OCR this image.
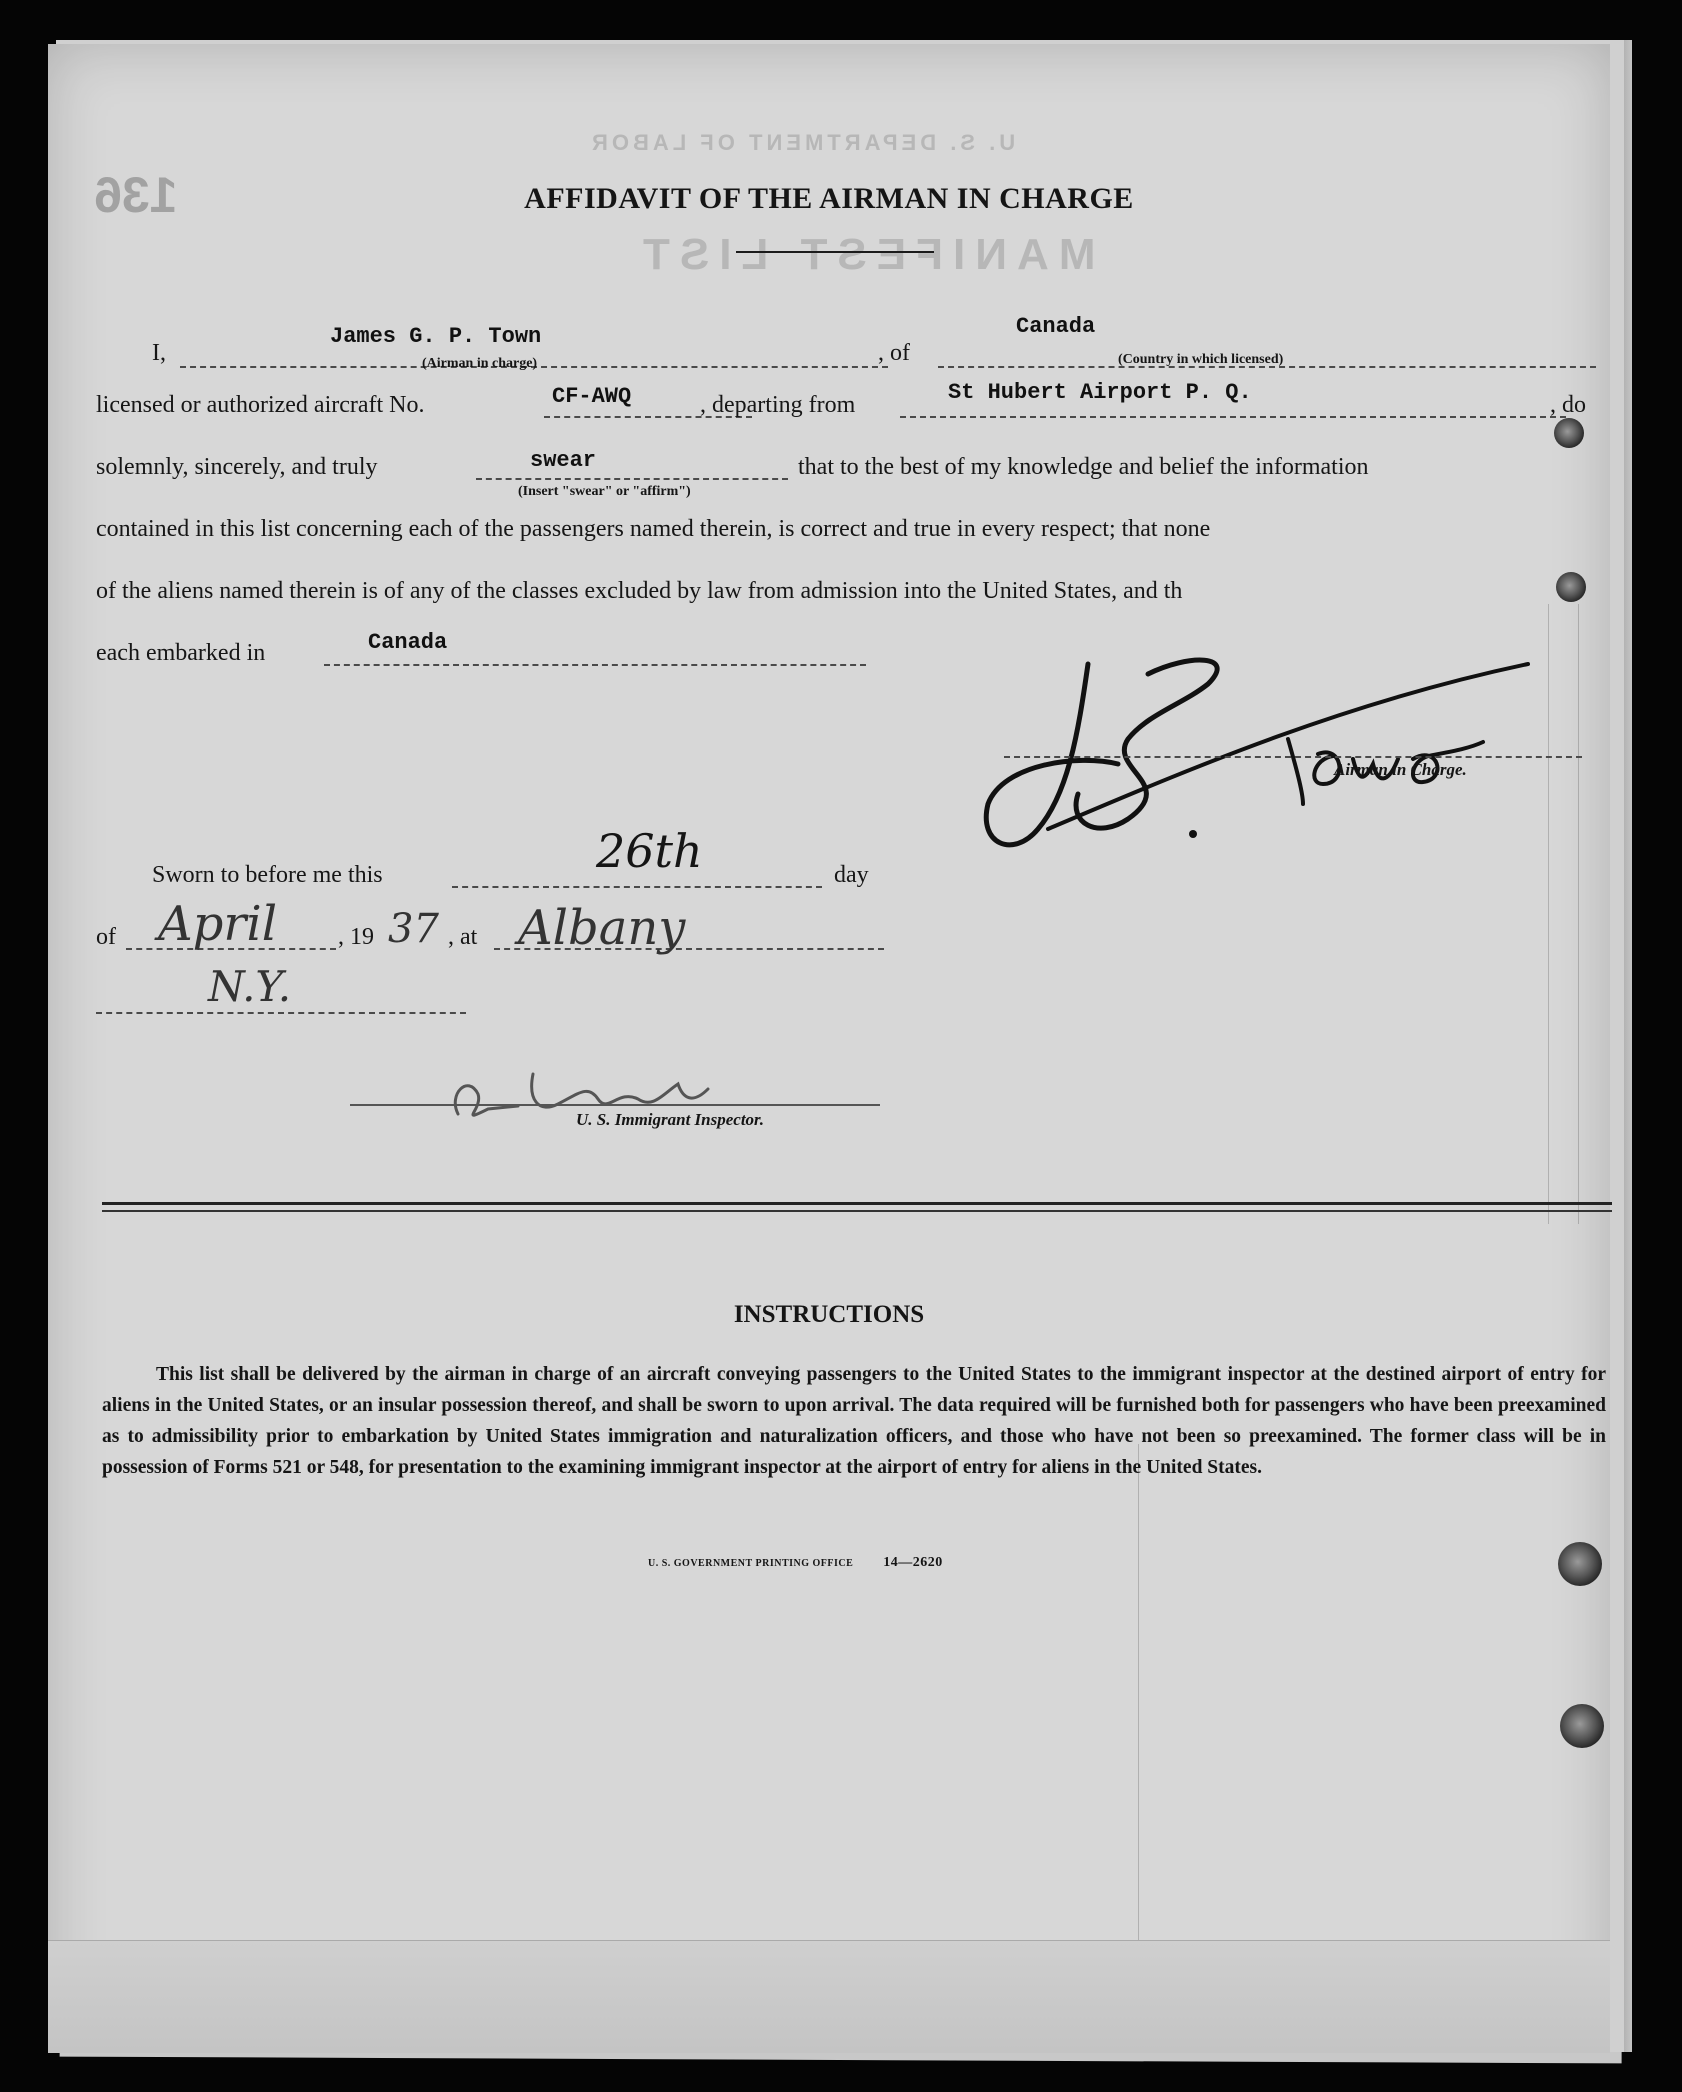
U. S. DEPARTMENT OF LABOR
MANIFEST LIST
136	AFFIDAVIT OF THE AIRMAN IN CHARGE
I,
James G. P. Town
(Airman in charge)	, of
Canada
(Country in which licensed)
licensed or authorized aircraft No.	CF-AWQ	, departing from	St Hubert Airport P. Q.	, do
solemnly, sincerely, and truly	swear
(Insert "swear" or "affirm")
that to the best of my knowledge and belief the information
contained in this list concerning each of the passengers named therein, is correct and true in every respect; that none
of the aliens named therein is of any of the classes excluded by law from admission into the United States, and th
each embarked in	Canada
Airman in Charge.
Sworn to before me this	26th	day
of April	, 19 37 , at Albany
N.Y.
U. S. Immigrant Inspector.
INSTRUCTIONS
This list shall be delivered by the airman in charge of an aircraft conveying passengers to the United States to the immigrant inspector at the destined airport of entry for aliens in the United States, or an insular possession thereof, and shall be sworn to upon arrival. The data required will be furnished both for passengers who have been preexamined as to admissibility prior to embarkation by United States immigration and naturalization officers, and those who have not been so preexamined. The former class will be in possession of Forms 521 or 548, for presentation to the examining immigrant inspector at the airport of entry for aliens in the United States.
U. S. GOVERNMENT PRINTING OFFICE 14—2620
